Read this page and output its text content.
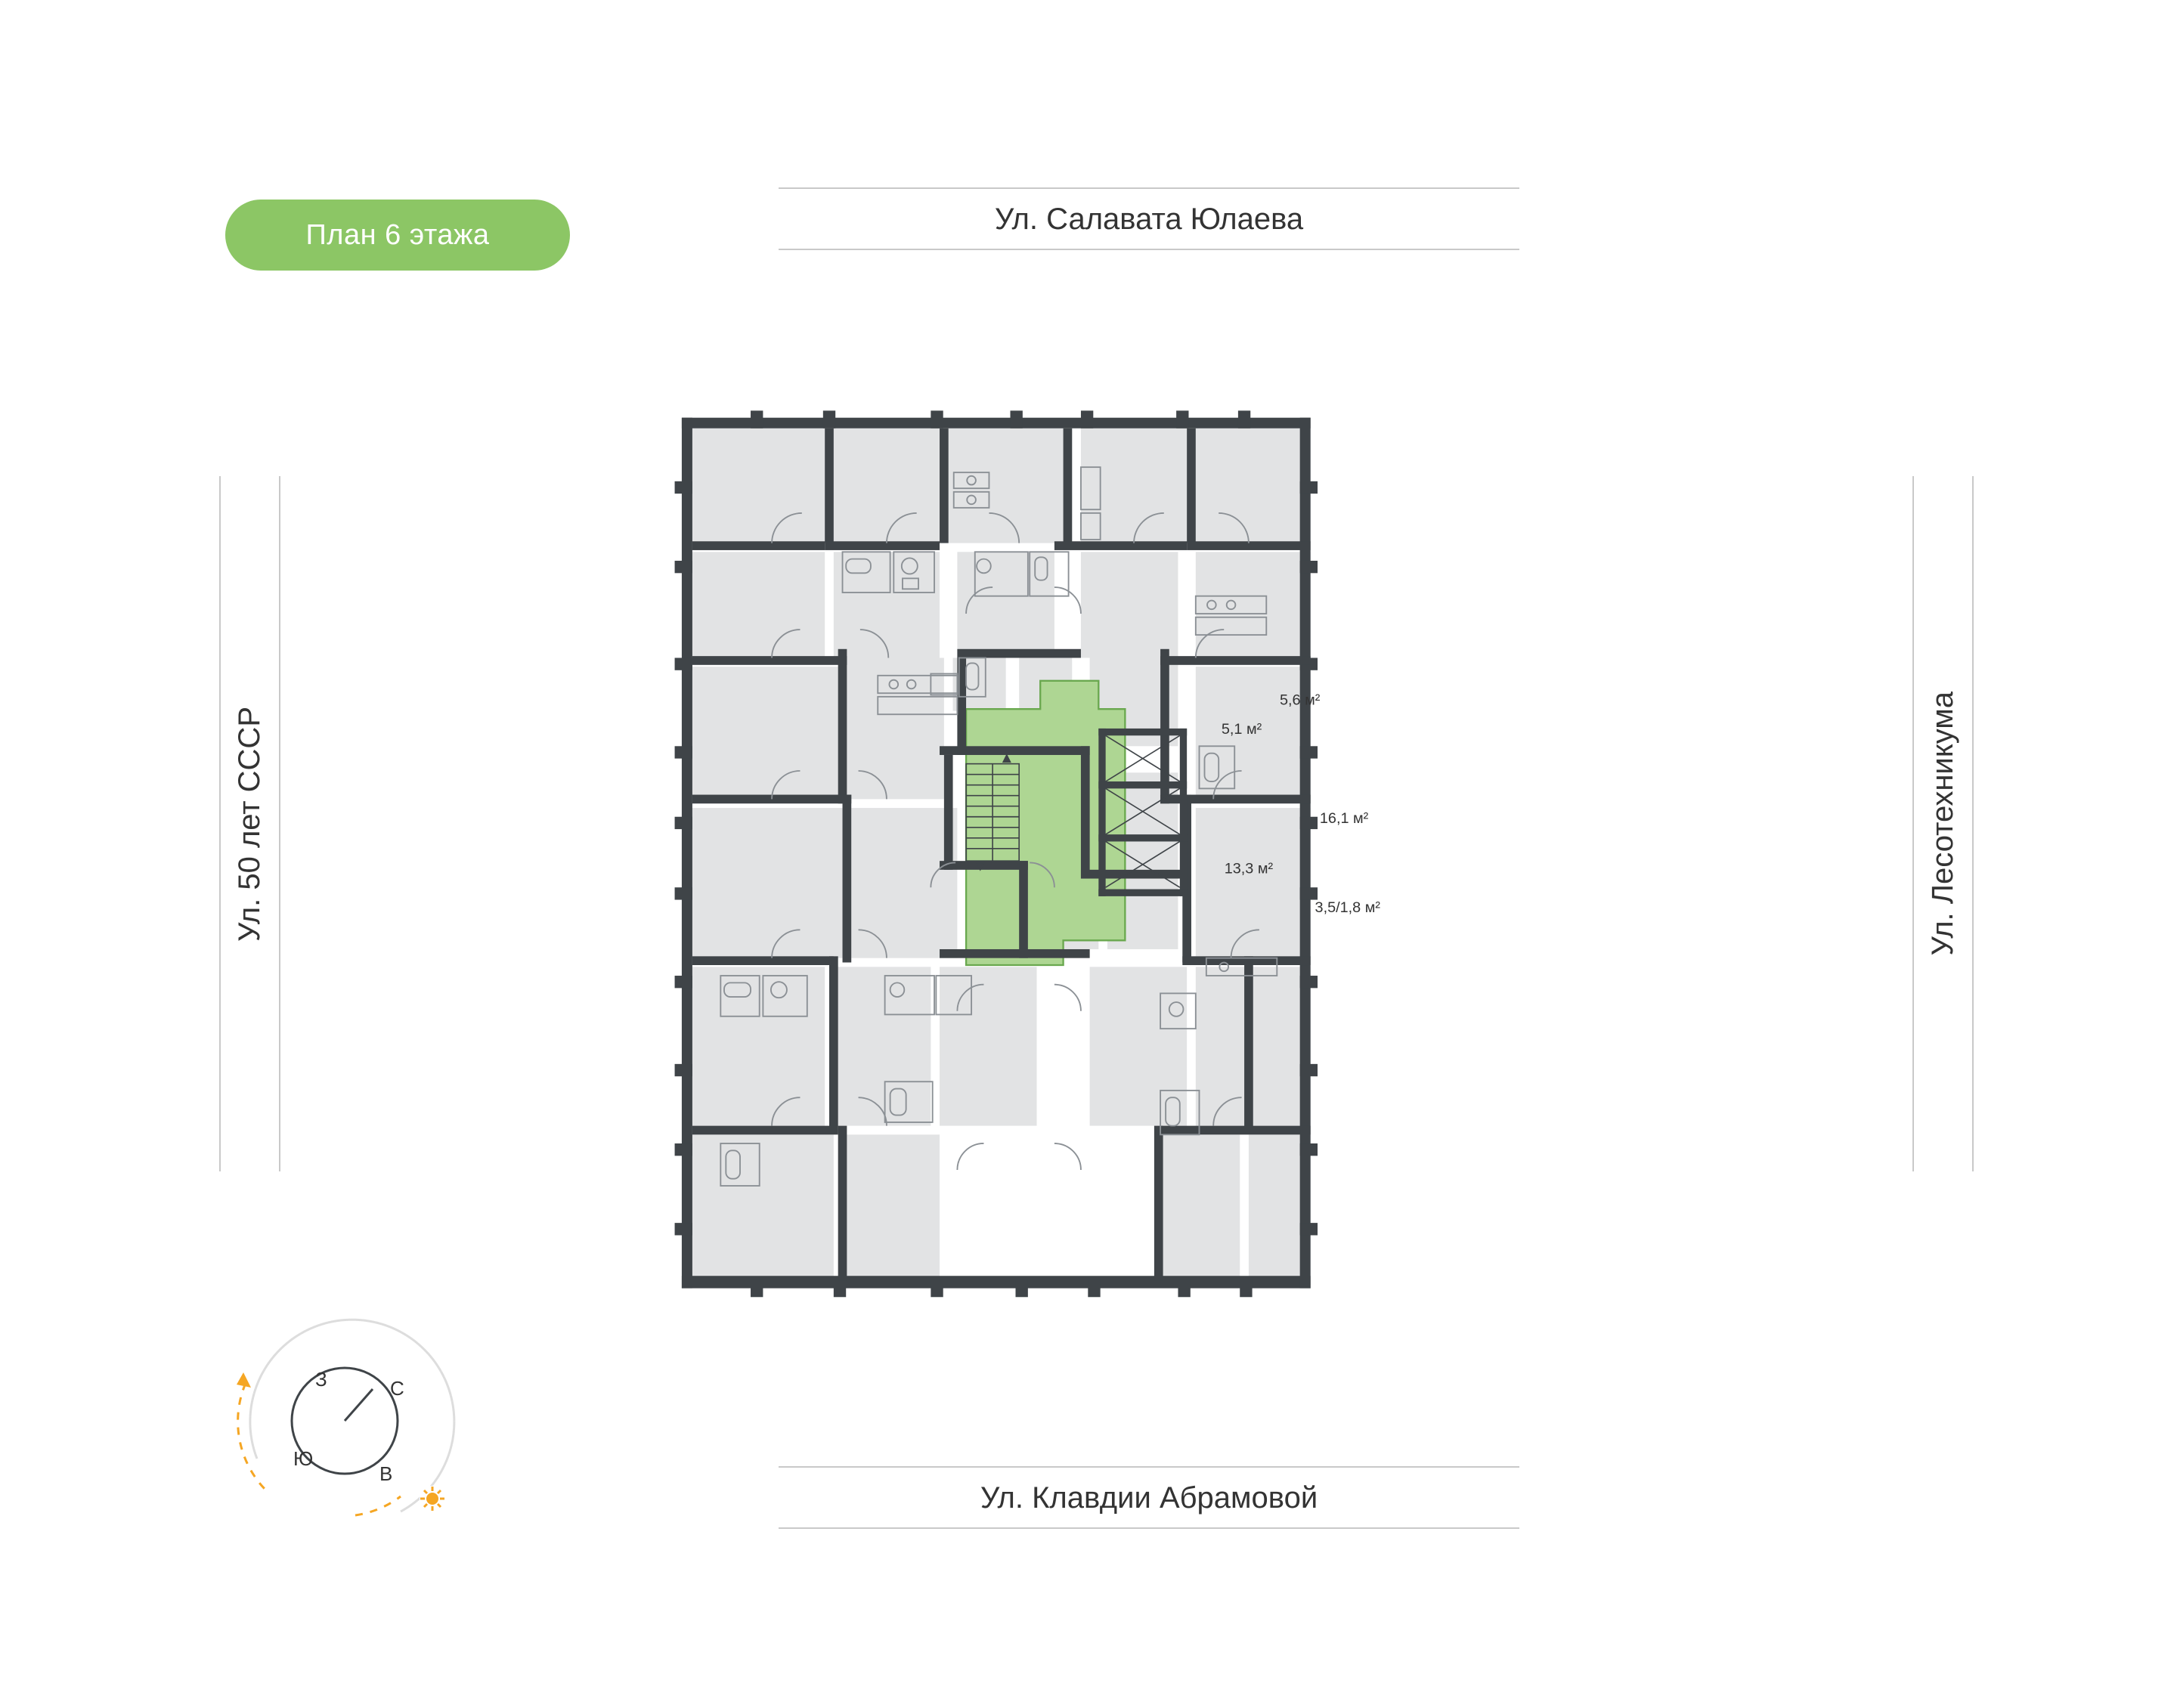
План 6 этажа	Ул. Салавата Юлаева
Ул. Клавдии Абрамовой
Ул. 50 лет СССР	Ул. Лесотехникума
З	С
Ю
В
5,6 м²
5,1 м²
16,1 м²
13,3 м²
3,5/1,8 м²
